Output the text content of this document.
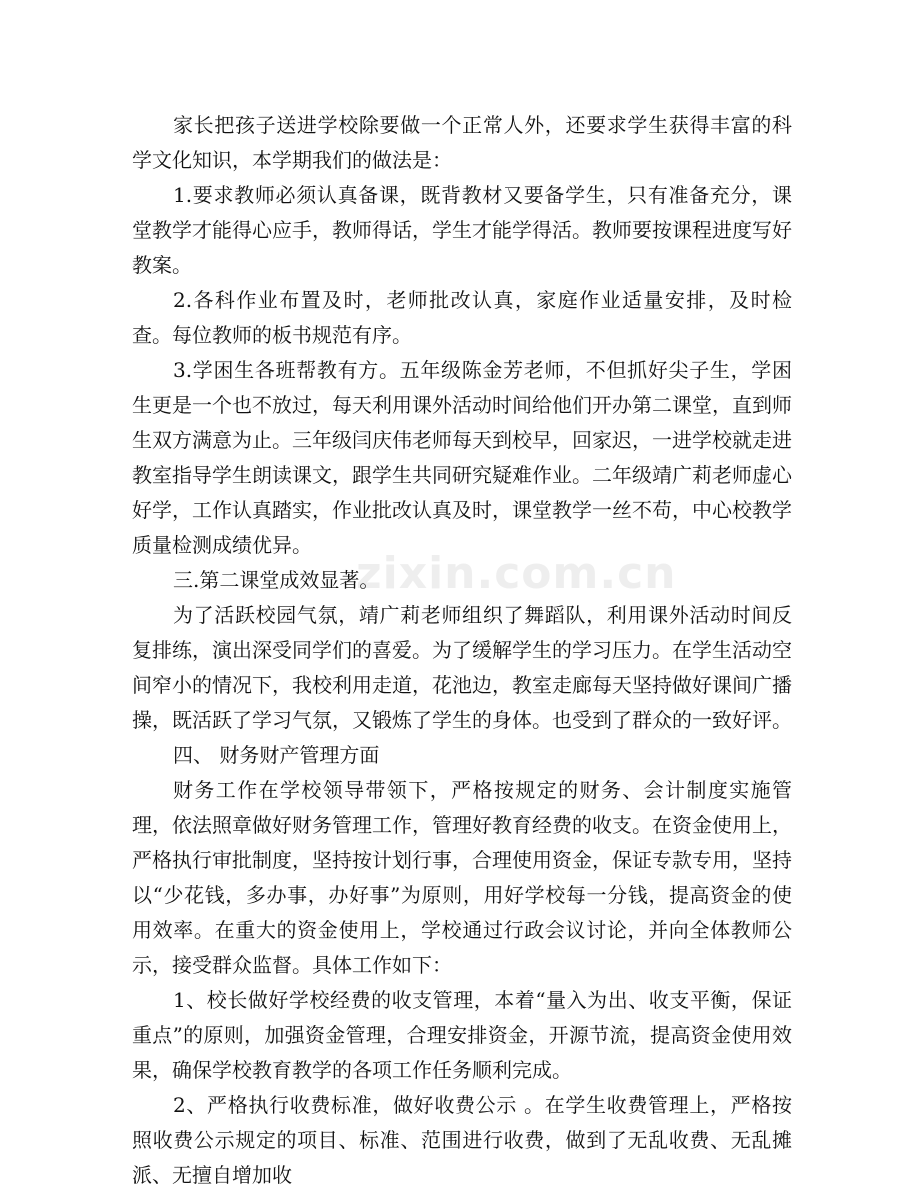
zixin.com.cn

家长把孩子送进学校除要做一个正常人外，还要求学生获得丰富的科学文化知识，本学期我们的做法是：

1.要求教师必须认真备课，既背教材又要备学生，只有准备充分，课堂教学才能得心应手，教师得话，学生才能学得活。教师要按课程进度写好教案。

2.各科作业布置及时，老师批改认真，家庭作业适量安排，及时检查。每位教师的板书规范有序。

3.学困生各班帮教有方。五年级陈金芳老师，不但抓好尖子生，学困生更是一个也不放过，每天利用课外活动时间给他们开办第二课堂，直到师生双方满意为止。三年级闫庆伟老师每天到校早，回家迟，一进学校就走进教室指导学生朗读课文，跟学生共同研究疑难作业。二年级靖广莉老师虚心好学，工作认真踏实，作业批改认真及时，课堂教学一丝不苟，中心校教学质量检测成绩优异。

三.第二课堂成效显著。

为了活跃校园气氛，靖广莉老师组织了舞蹈队，利用课外活动时间反复排练，演出深受同学们的喜爱。为了缓解学生的学习压力。在学生活动空间窄小的情况下，我校利用走道，花池边，教室走廊每天坚持做好课间广播操，既活跃了学习气氛，又锻炼了学生的身体。也受到了群众的一致好评。

四、 财务财产管理方面

财务工作在学校领导带领下，严格按规定的财务、会计制度实施管理，依法照章做好财务管理工作，管理好教育经费的收支。在资金使用上，严格执行审批制度，坚持按计划行事，合理使用资金，保证专款专用，坚持以“少花钱，多办事，办好事”为原则，用好学校每一分钱，提高资金的使用效率。在重大的资金使用上，学校通过行政会议讨论，并向全体教师公示，接受群众监督。具体工作如下：

1、校长做好学校经费的收支管理，本着“量入为出、收支平衡，保证重点”的原则，加强资金管理，合理安排资金，开源节流，提高资金使用效果，确保学校教育教学的各项工作任务顺利完成。

2、严格执行收费标准，做好收费公示 。在学生收费管理上，严格按照收费公示规定的项目、标准、范围进行收费，做到了无乱收费、无乱摊派、无擅自增加收
